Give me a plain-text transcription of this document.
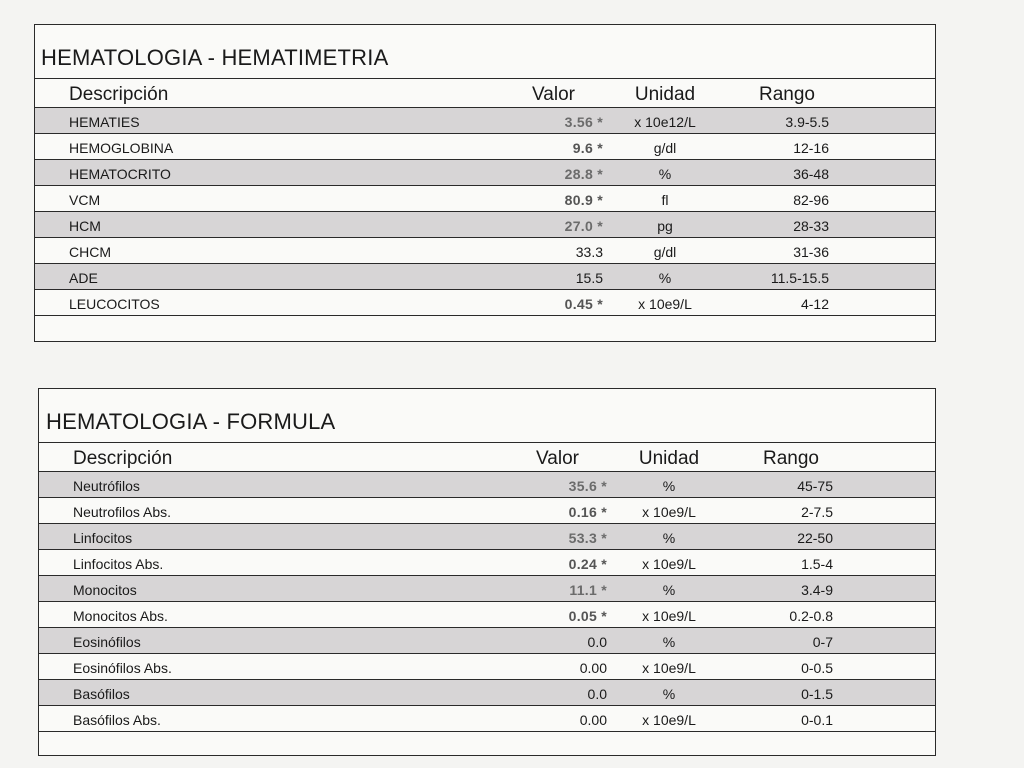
HEMATOLOGIA - HEMATIMETRIA
Descripción	Valor	Unidad	Rango
HEMATIES	3.56 *	x 10e12/L	3.9-5.5
HEMOGLOBINA	9.6 *	g/dl	12-16
HEMATOCRITO	28.8 *	%	36-48
VCM	80.9 *	fl	82-96
HCM	27.0 *	pg	28-33
CHCM	33.3	g/dl	31-36
ADE	15.5	%	11.5-15.5
LEUCOCITOS	0.45 *	x 10e9/L	4-12
HEMATOLOGIA - FORMULA
Descripción	Valor	Unidad	Rango
Neutrófilos	35.6 *	%	45-75
Neutrofilos Abs.	0.16 *	x 10e9/L	2-7.5
Linfocitos	53.3 *	%	22-50
Linfocitos Abs.	0.24 *	x 10e9/L	1.5-4
Monocitos	11.1 *	%	3.4-9
Monocitos Abs.	0.05 *	x 10e9/L	0.2-0.8
Eosinófilos	0.0	%	0-7
Eosinófilos Abs.	0.00	x 10e9/L	0-0.5
Basófilos	0.0	%	0-1.5
Basófilos Abs.	0.00	x 10e9/L	0-0.1
